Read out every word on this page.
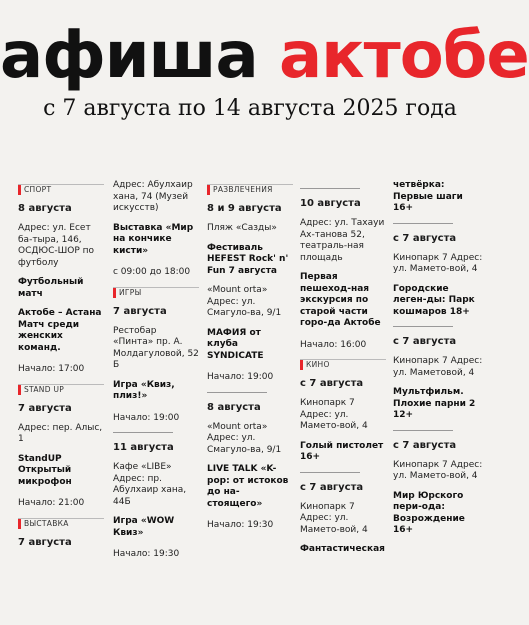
афиша актобе
с 7 августа по 14 августа 2025 года
СПОРТ
8 августа
Адрес: ул. Есет ба-тыра, 146, ОСДЮС-ШОР по футболу
Футбольный матч
Актобе – Астана Матч среди женских команд.
Начало: 17:00
STAND UP
7 августа
Адрес: пер. Алыс, 1
StandUP Открытый микрофон
Начало: 21:00
ВЫСТАВКА
7 августа
Адрес: Абулхаир хана, 74 (Музей искусств)
Выставка «Мир на кончике кисти»
с 09:00 до 18:00
ИГРЫ
7 августа
Рестобар «Пинта» пр. А. Молдагуловой, 52 Б
Игра «Квиз, плиз!»
Начало: 19:00
11 августа
Кафе «LIBE» Адрес: пр. Абулхаир хана, 44Б
Игра «WOW Квиз»
Начало: 19:30
РАЗВЛЕЧЕНИЯ
8 и 9 августа
Пляж «Сазды»
Фестиваль HEFEST Rock' n' Fun 7 августа
«Mount orta» Адрес: ул. Смагуло-ва, 9/1
МАФИЯ от клуба SYNDICATE
Начало: 19:00
8 августа
«Mount orta» Адрес: ул. Смагуло-ва, 9/1
LIVE TALK «K-pop: от истоков до на-стоящего»
Начало: 19:30
10 августа
Адрес: ул. Тахауи Ах-танова 52, театраль-ная площадь
Первая пешеход-ная экскурсия по старой части горо-да Актобе
Начало: 16:00
КИНО
с 7 августа
Кинопарк 7 Адрес: ул. Мамето-вой, 4
Голый пистолет 16+
с 7 августа
Кинопарк 7 Адрес: ул. Мамето-вой, 4
Фантастическая
четвёрка: Первые шаги 16+
с 7 августа
Кинопарк 7 Адрес: ул. Мамето-вой, 4
Городские леген-ды: Парк кошмаров 18+
с 7 августа
Кинопарк 7 Адрес: ул. Маметовой, 4
Мультфильм. Плохие парни 2 12+
с 7 августа
Кинопарк 7 Адрес: ул. Мамето-вой, 4
Мир Юрского пери-ода: Возрождение 16+
